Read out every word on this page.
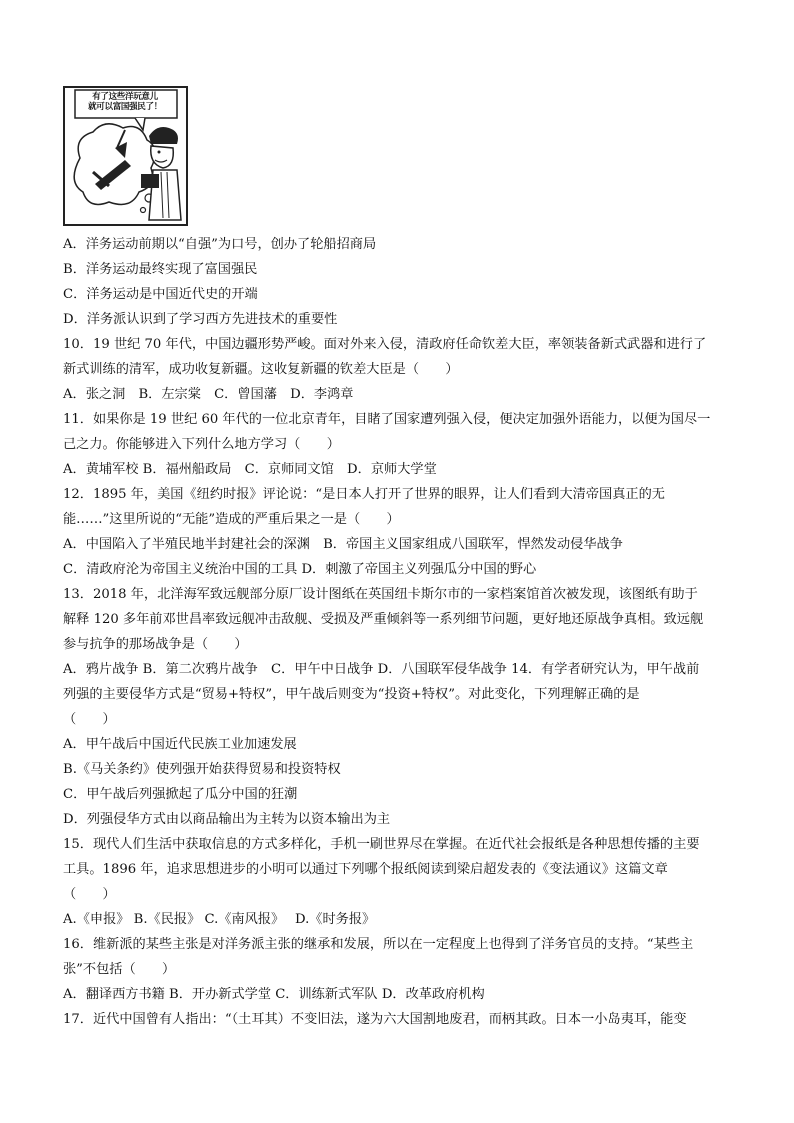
有了这些洋玩意儿
就可以富国强民了！
A．洋务运动前期以“自强”为口号，创办了轮船招商局
B．洋务运动最终实现了富国强民
C．洋务运动是中国近代史的开端
D．洋务派认识到了学习西方先进技术的重要性
10．19 世纪 70 年代，中国边疆形势严峻。面对外来入侵，清政府任命钦差大臣，率领装备新式武器和进行了
新式训练的清军，成功收复新疆。这收复新疆的钦差大臣是（　　）
A．张之洞　B．左宗棠　C．曾国藩　D．李鸿章
11．如果你是 19 世纪 60 年代的一位北京青年，目睹了国家遭列强入侵，便决定加强外语能力，以便为国尽一
己之力。你能够进入下列什么地方学习（　　）
A．黄埔军校 B．福州船政局　C．京师同文馆　D．京师大学堂
12．1895 年，美国《纽约时报》评论说：“是日本人打开了世界的眼界，让人们看到大清帝国真正的无
能……”这里所说的“无能”造成的严重后果之一是（　　）
A．中国陷入了半殖民地半封建社会的深渊　B．帝国主义国家组成八国联军，悍然发动侵华战争
C．清政府沦为帝国主义统治中国的工具 D．刺激了帝国主义列强瓜分中国的野心
13．2018 年，北洋海军致远舰部分原厂设计图纸在英国纽卡斯尔市的一家档案馆首次被发现，该图纸有助于
解释 120 多年前邓世昌率致远舰冲击敌舰、受损及严重倾斜等一系列细节问题，更好地还原战争真相。致远舰
参与抗争的那场战争是（　　）
A．鸦片战争 B．第二次鸦片战争　C．甲午中日战争 D．八国联军侵华战争 14．有学者研究认为，甲午战前
列强的主要侵华方式是“贸易+特权”，甲午战后则变为“投资+特权”。对此变化，下列理解正确的是
（　　）
A．甲午战后中国近代民族工业加速发展
B.《马关条约》使列强开始获得贸易和投资特权
C．甲午战后列强掀起了瓜分中国的狂潮
D．列强侵华方式由以商品输出为主转为以资本输出为主
15．现代人们生活中获取信息的方式多样化，手机一刷世界尽在掌握。在近代社会报纸是各种思想传播的主要
工具。1896 年，追求思想进步的小明可以通过下列哪个报纸阅读到梁启超发表的《变法通议》这篇文章
（　　）
A.《申报》 B.《民报》 C.《南风报》　 D.《时务报》
16．维新派的某些主张是对洋务派主张的继承和发展，所以在一定程度上也得到了洋务官员的支持。“某些主
张”不包括（　　）
A．翻译西方书籍 B．开办新式学堂 C．训练新式军队 D．改革政府机构
17．近代中国曾有人指出：“（土耳其）不变旧法，遂为六大国割地废君，而柄其政。日本一小岛夷耳，能变
